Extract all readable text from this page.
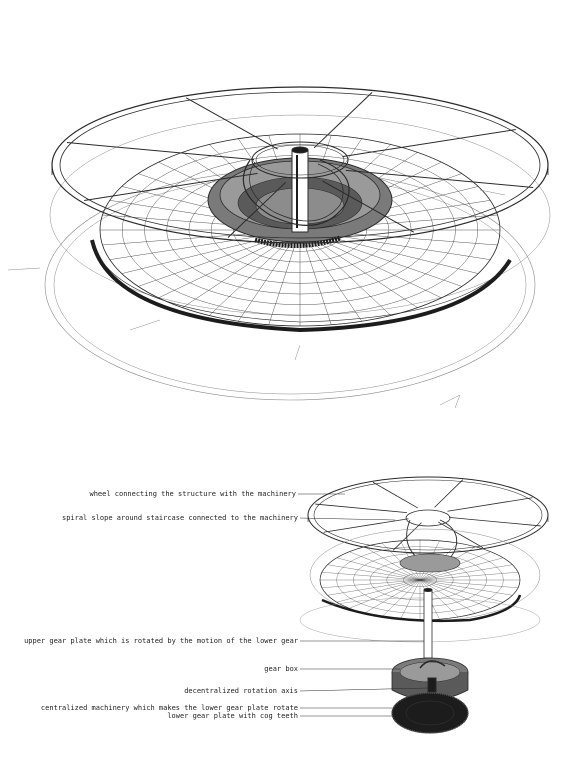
wheel connecting the structure with the machinery
spiral slope around staircase connected to the machinery
upper gear plate which is rotated by the motion of the lower gear
gear box
decentralized rotation axis
centralized machinery which makes the lower gear plate rotate
lower gear plate with cog teeth
